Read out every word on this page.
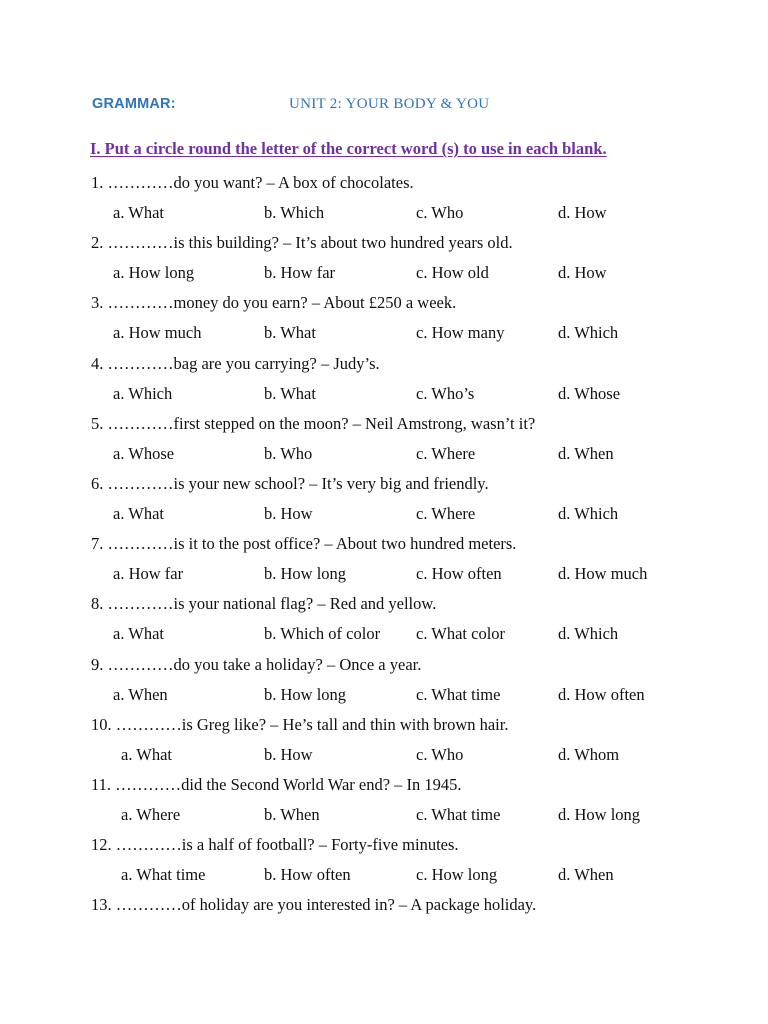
GRAMMAR:	UNIT 2: YOUR BODY & YOU
I. Put a circle round the letter of the correct word (s) to use in each blank.
1. …………do you want? – A box of chocolates.
a. What	b. Which	c. Who	d. How
2. …………is this building? – It’s about two hundred years old.
a. How long	b. How far	c. How old	d. How
3. …………money do you earn? – About £250 a week.
a. How much	b. What	c. How many	d. Which
4. …………bag are you carrying? – Judy’s.
a. Which	b. What	c. Who’s	d. Whose
5. …………first stepped on the moon? – Neil Amstrong, wasn’t it?
a. Whose	b. Who	c. Where	d. When
6. …………is your new school? – It’s very big and friendly.
a. What	b. How	c. Where	d. Which
7. …………is it to the post office? – About two hundred meters.
a. How far	b. How long	c. How often	d. How much
8. …………is your national flag? – Red and yellow.
a. What	b. Which of color c. What color	d. Which
9. …………do you take a holiday? – Once a year.
a. When	b. How long	c. What time	d. How often
10. …………is Greg like? – He’s tall and thin with brown hair.
a. What	b. How	c. Who	d. Whom
11. …………did the Second World War end? – In 1945.
a. Where	b. When	c. What time	d. How long
12. …………is a half of football? – Forty-five minutes.
a. What time	b. How often	c. How long	d. When
13. …………of holiday are you interested in? – A package holiday.
